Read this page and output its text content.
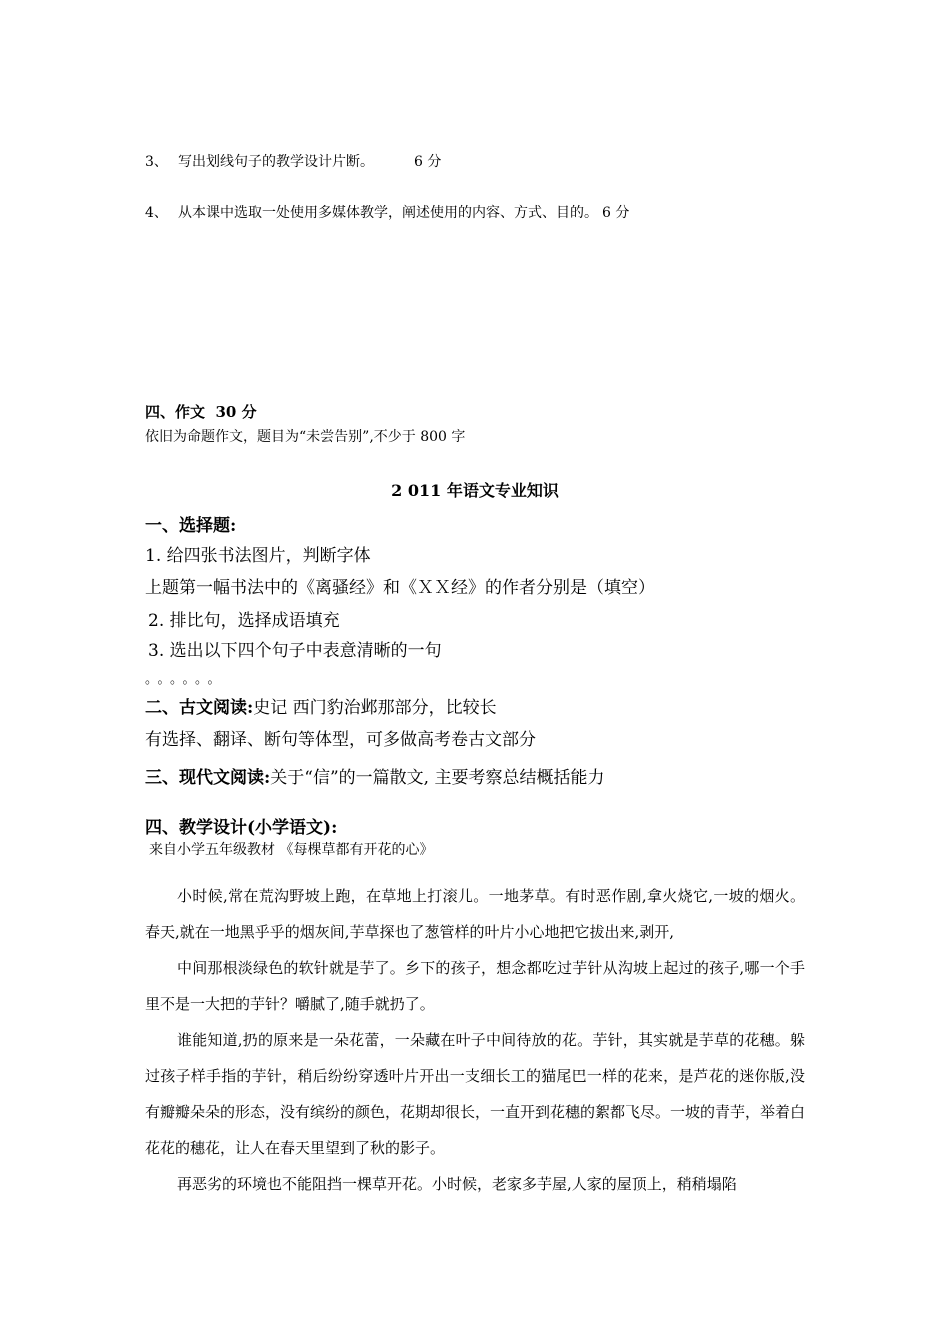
3、 写出划线句子的教学设计片断。	6 分
4、 从本课中选取一处使用多媒体教学，阐述使用的内容、方式、目的。 6 分
四、作文 30 分
依旧为命题作文，题目为“未尝告别”,不少于 800 字
2 011 年语文专业知识
一、选择题:
1. 给四张书法图片，判断字体
上题第一幅书法中的《离骚经》和《ＸＸ经》的作者分别是（填空）
2. 排比句，选择成语填充
3. 选出以下四个句子中表意清晰的一句
。。。。。。
二、古文阅读:史记 西门豹治邺那部分，比较长
有选择、翻译、断句等体型，可多做高考卷古文部分
三、现代文阅读:关于“信”的一篇散文, 主要考察总结概括能力
四、教学设计(小学语文):
来自小学五年级教材 《每棵草都有开花的心》
小时候,常在荒沟野坡上跑，在草地上打滚儿。一地茅草。有时恶作剧,拿火烧它,一坡的烟火。春天,就在一地黑乎乎的烟灰间,芋草探也了葱管样的叶片小心地把它拔出来,剥开,
中间那根淡绿色的软针就是芋了。乡下的孩子，想念都吃过芋针从沟坡上起过的孩子,哪一个手里不是一大把的芋针？嚼腻了,随手就扔了。
谁能知道,扔的原来是一朵花蕾，一朵藏在叶子中间待放的花。芋针，其实就是芋草的花穗。躲过孩子样手指的芋针，稍后纷纷穿透叶片开出一支细长工的猫尾巴一样的花来，是芦花的迷你版,没有瓣瓣朵朵的形态，没有缤纷的颜色，花期却很长，一直开到花穗的絮都飞尽。一坡的青芋，举着白花花的穗花，让人在春天里望到了秋的影子。
再恶劣的环境也不能阻挡一棵草开花。小时候，老家多芋屋,人家的屋顶上，稍稍塌陷
